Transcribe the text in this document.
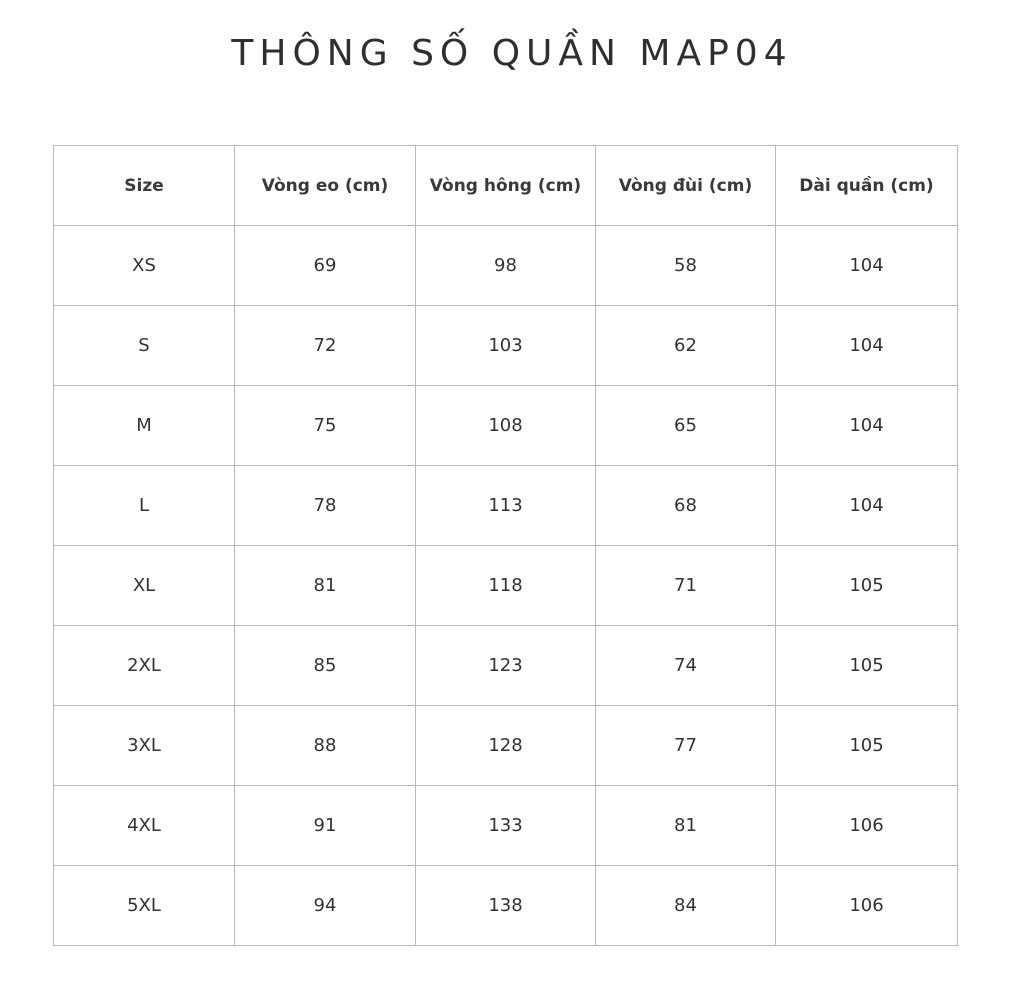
THÔNG SỐ QUẦN MAP04
Size	Vòng eo (cm)	Vòng hông (cm)	Vòng đùi (cm)	Dài quần (cm)
XS	69	98	58	104
S	72	103	62	104
M	75	108	65	104
L	78	113	68	104
XL	81	118	71	105
2XL	85	123	74	105
3XL	88	128	77	105
4XL	91	133	81	106
5XL	94	138	84	106
